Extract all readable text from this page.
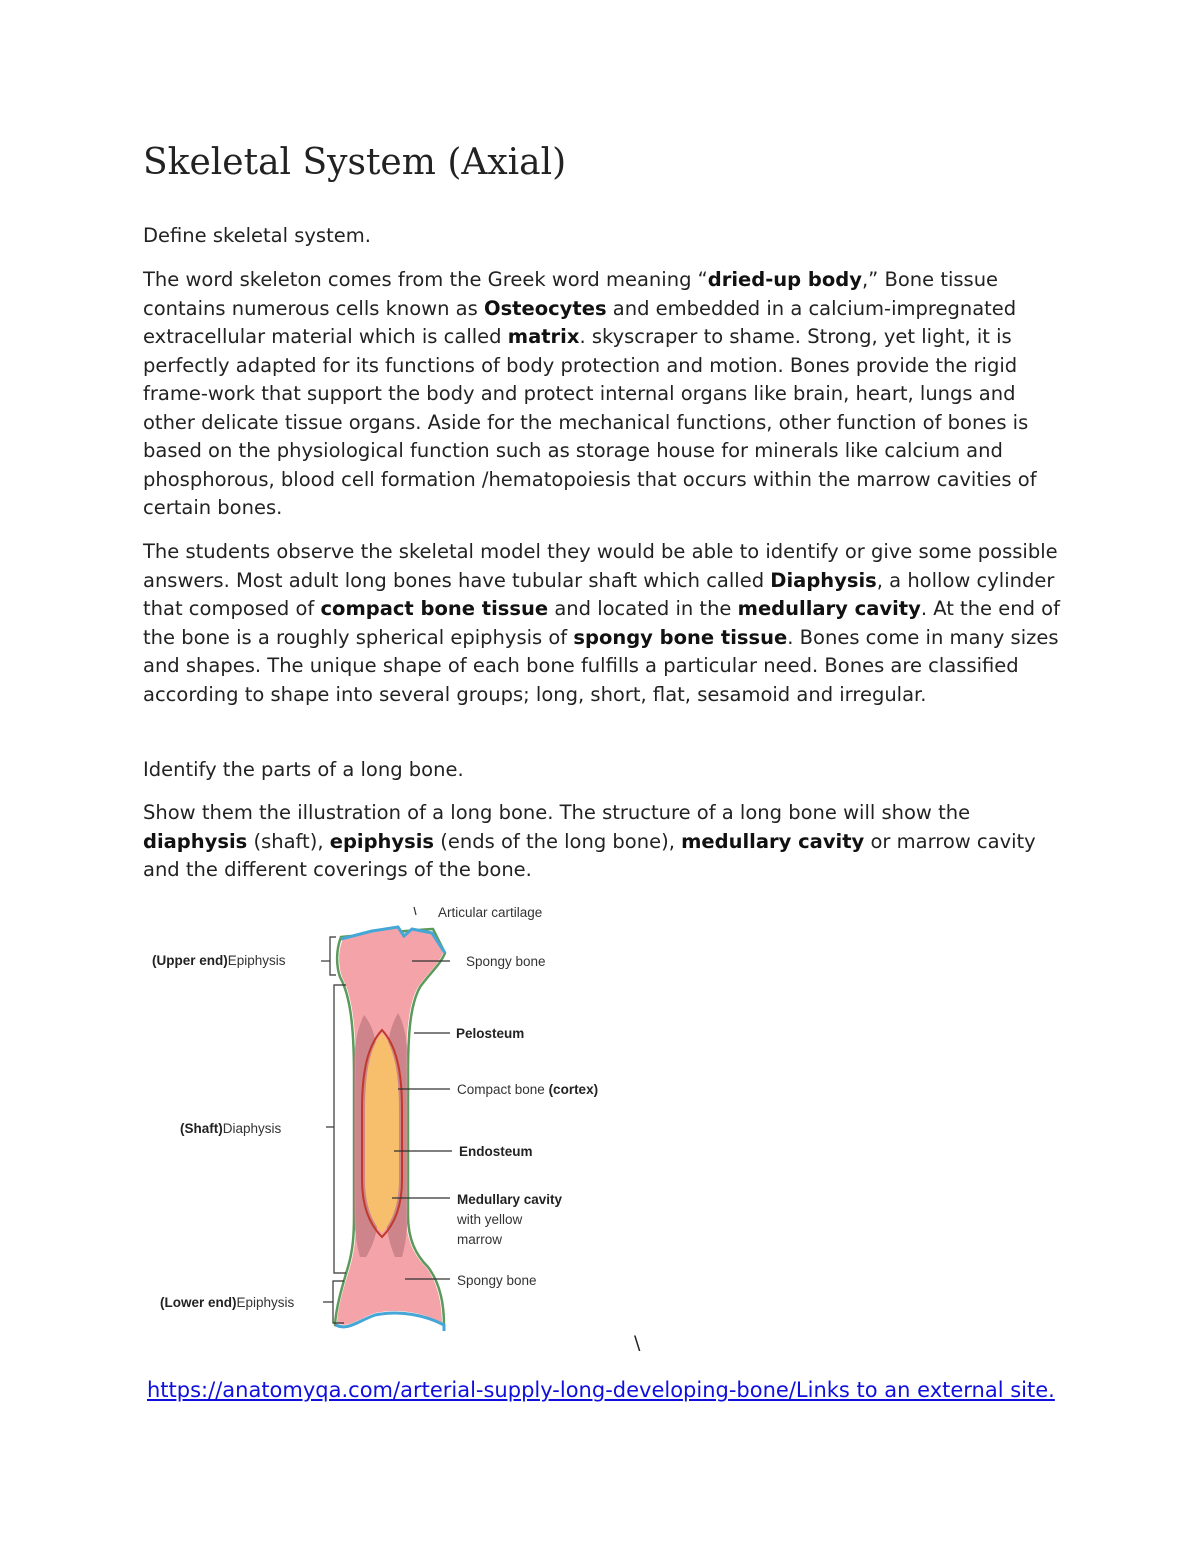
Skeletal System (Axial)

Define skeletal system.

The word skeleton comes from the Greek word meaning “dried-up body,” Bone tissue contains numerous cells known as Osteocytes and embedded in a calcium-impregnated extracellular material which is called matrix. skyscraper to shame. Strong, yet light, it is perfectly adapted for its functions of body protection and motion. Bones provide the rigid frame-work that support the body and protect internal organs like brain, heart, lungs and other delicate tissue organs. Aside for the mechanical functions, other function of bones is based on the physiological function such as storage house for minerals like calcium and phosphorous, blood cell formation /hematopoiesis that occurs within the marrow cavities of certain bones.

The students observe the skeletal model they would be able to identify or give some possible answers. Most adult long bones have tubular shaft which called Diaphysis, a hollow cylinder that composed of compact bone tissue and located in the medullary cavity. At the end of the bone is a roughly spherical epiphysis of spongy bone tissue. Bones come in many sizes and shapes. The unique shape of each bone fulfills a particular need. Bones are classified according to shape into several groups; long, short, flat, sesamoid and irregular.

Identify the parts of a long bone.

Show them the illustration of a long bone. The structure of a long bone will show the diaphysis (shaft), epiphysis (ends of the long bone), medullary cavity or marrow cavity and the different coverings of the bone.

(Upper end)Epiphysis
(Shaft)Diaphysis
(Lower end)Epiphysis
Articular cartilage
Spongy bone
Pelosteum
Compact bone (cortex)
Endosteum
Medullary cavity with yellow marrow
Spongy bone

\

https://anatomyqa.com/arterial-supply-long-developing-bone/Links to an external site.
